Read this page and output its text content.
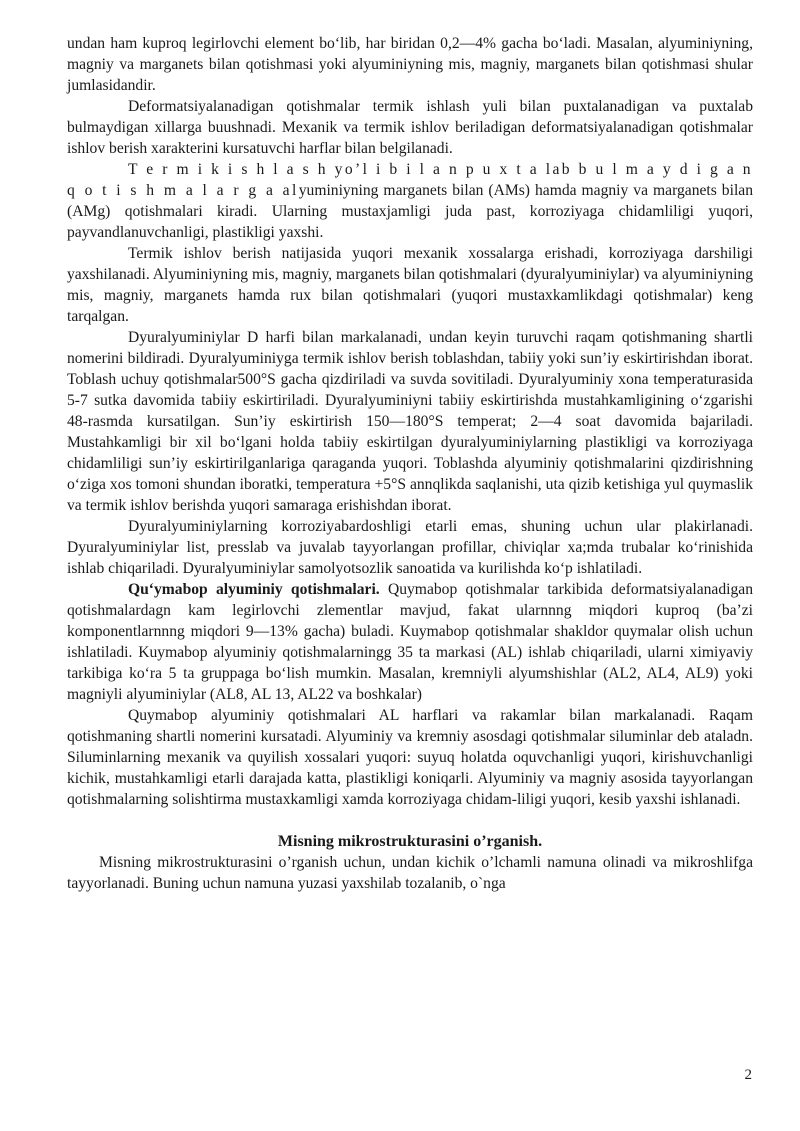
undan ham kuproq legirlovchi element bo‘lib, har biridan 0,2—4% gacha bo‘ladi. Masalan, alyuminiyning, magniy va marganets bilan qotishmasi yoki alyuminiyning mis, magniy, marganets bilan qotishmasi shular jumlasidandir.

Deformatsiyalanadigan qotishmalar termik ishlash yuli bilan puxtalanadigan va puxtalab bulmaydigan xillarga buushnadi. Mexanik va termik ishlov beriladigan deformatsiyalanadigan qotishmalar ishlov berish xarakterini kursatuvchi harflar bilan belgilanadi.

T e r m i k i s h l a s h yo’l i b i l a n p u x t a lab b u l m a y d i g a n q o t i s h m a l a r g a alyuminiyning marganets bilan (AMs) hamda magniy va marganets bilan (AMg) qotishmalari kiradi. Ularning mustaxjamligi juda past, korroziyaga chidamliligi yuqori, payvandlanuvchanligi, plastikligi yaxshi.

Termik ishlov berish natijasida yuqori mexanik xossalarga erishadi, korroziyaga darshiligi yaxshilanadi. Alyuminiyning mis, magniy, marganets bilan qotishmalari (dyuralyuminiylar) va alyuminiyning mis, magniy, marganets hamda rux bilan qotishmalari (yuqori mustaxkamlikdagi qotishmalar) keng tarqalgan.

Dyuralyuminiylar D harfi bilan markalanadi, undan keyin turuvchi raqam qotishmaning shartli nomerini bildiradi. Dyuralyuminiyga termik ishlov berish toblashdan, tabiiy yoki sun’iy eskirtirishdan iborat. Toblash uchuy qotishmalar500°S gacha qizdiriladi va suvda sovitiladi. Dyuralyuminiy xona temperaturasida 5-7 sutka davomida tabiiy eskirtiriladi. Dyuralyuminiyni tabiiy eskirtirishda mustahkamligining o‘zgarishi 48-rasmda kursatilgan. Sun’iy eskirtirish 150—180°S temperat; 2—4 soat davomida bajariladi. Mustahkamligi bir xil bo‘lgani holda tabiiy eskirtilgan dyuralyuminiylarning plastikligi va korroziyaga chidamliligi sun’iy eskirtirilganlariga qaraganda yuqori. Toblashda alyuminiy qotishmalarini qizdirishning o‘ziga xos tomoni shundan iboratki, temperatura +5°S annqlikda saqlanishi, uta qizib ketishiga yul quymaslik va termik ishlov berishda yuqori samaraga erishishdan iborat.

Dyuralyuminiylarning korroziyabardoshligi etarli emas, shuning uchun ular plakirlanadi. Dyuralyuminiylar list, presslab va juvalab tayyorlangan profillar, chiviqlar xa;mda trubalar ko‘rinishida ishlab chiqariladi. Dyuralyuminiylar samolyotsozlik sanoatida va kurilishda ko‘p ishlatiladi.

Qu‘ymabop alyuminiy qotishmalari. Quymabop qotishmalar tarkibida deformatsiyalanadigan qotishmalardagn kam legirlovchi zlementlar mavjud, fakat ularnnng miqdori kuproq (ba’zi komponentlarnnng miqdori 9—13% gacha) buladi. Kuymabop qotishmalar shakldor quymalar olish uchun ishlatiladi. Kuymabop alyuminiy qotishmalarningg 35 ta markasi (AL) ishlab chiqariladi, ularni ximiyaviy tarkibiga ko‘ra 5 ta gruppaga bo‘lish mumkin. Masalan, kremniyli alyumshishlar (AL2, AL4, AL9) yoki magniyli alyuminiylar (AL8, AL 13, AL22 va boshkalar)

Quymabop alyuminiy qotishmalari AL harflari va rakamlar bilan markalanadi. Raqam qotishmaning shartli nomerini kursatadi. Alyuminiy va kremniy asosdagi qotishmalar siluminlar deb ataladn. Siluminlarning mexanik va quyilish xossalari yuqori: suyuq holatda oquvchanligi yuqori, kirishuvchanligi kichik, mustahkamligi etarli darajada katta, plastikligi koniqarli. Alyuminiy va magniy asosida tayyorlangan qotishmalarning solishtirma mustaxkamligi xamda korroziyaga chidam-liligi yuqori, kesib yaxshi ishlanadi.

Misning mikrostrukturasini o’rganish.

Misning mikrostrukturasini o’rganish uchun, undan kichik o’lchamli namuna olinadi va mikroshlifga tayyorlanadi. Buning uchun namuna yuzasi yaxshilab tozalanib, o`nga

2
